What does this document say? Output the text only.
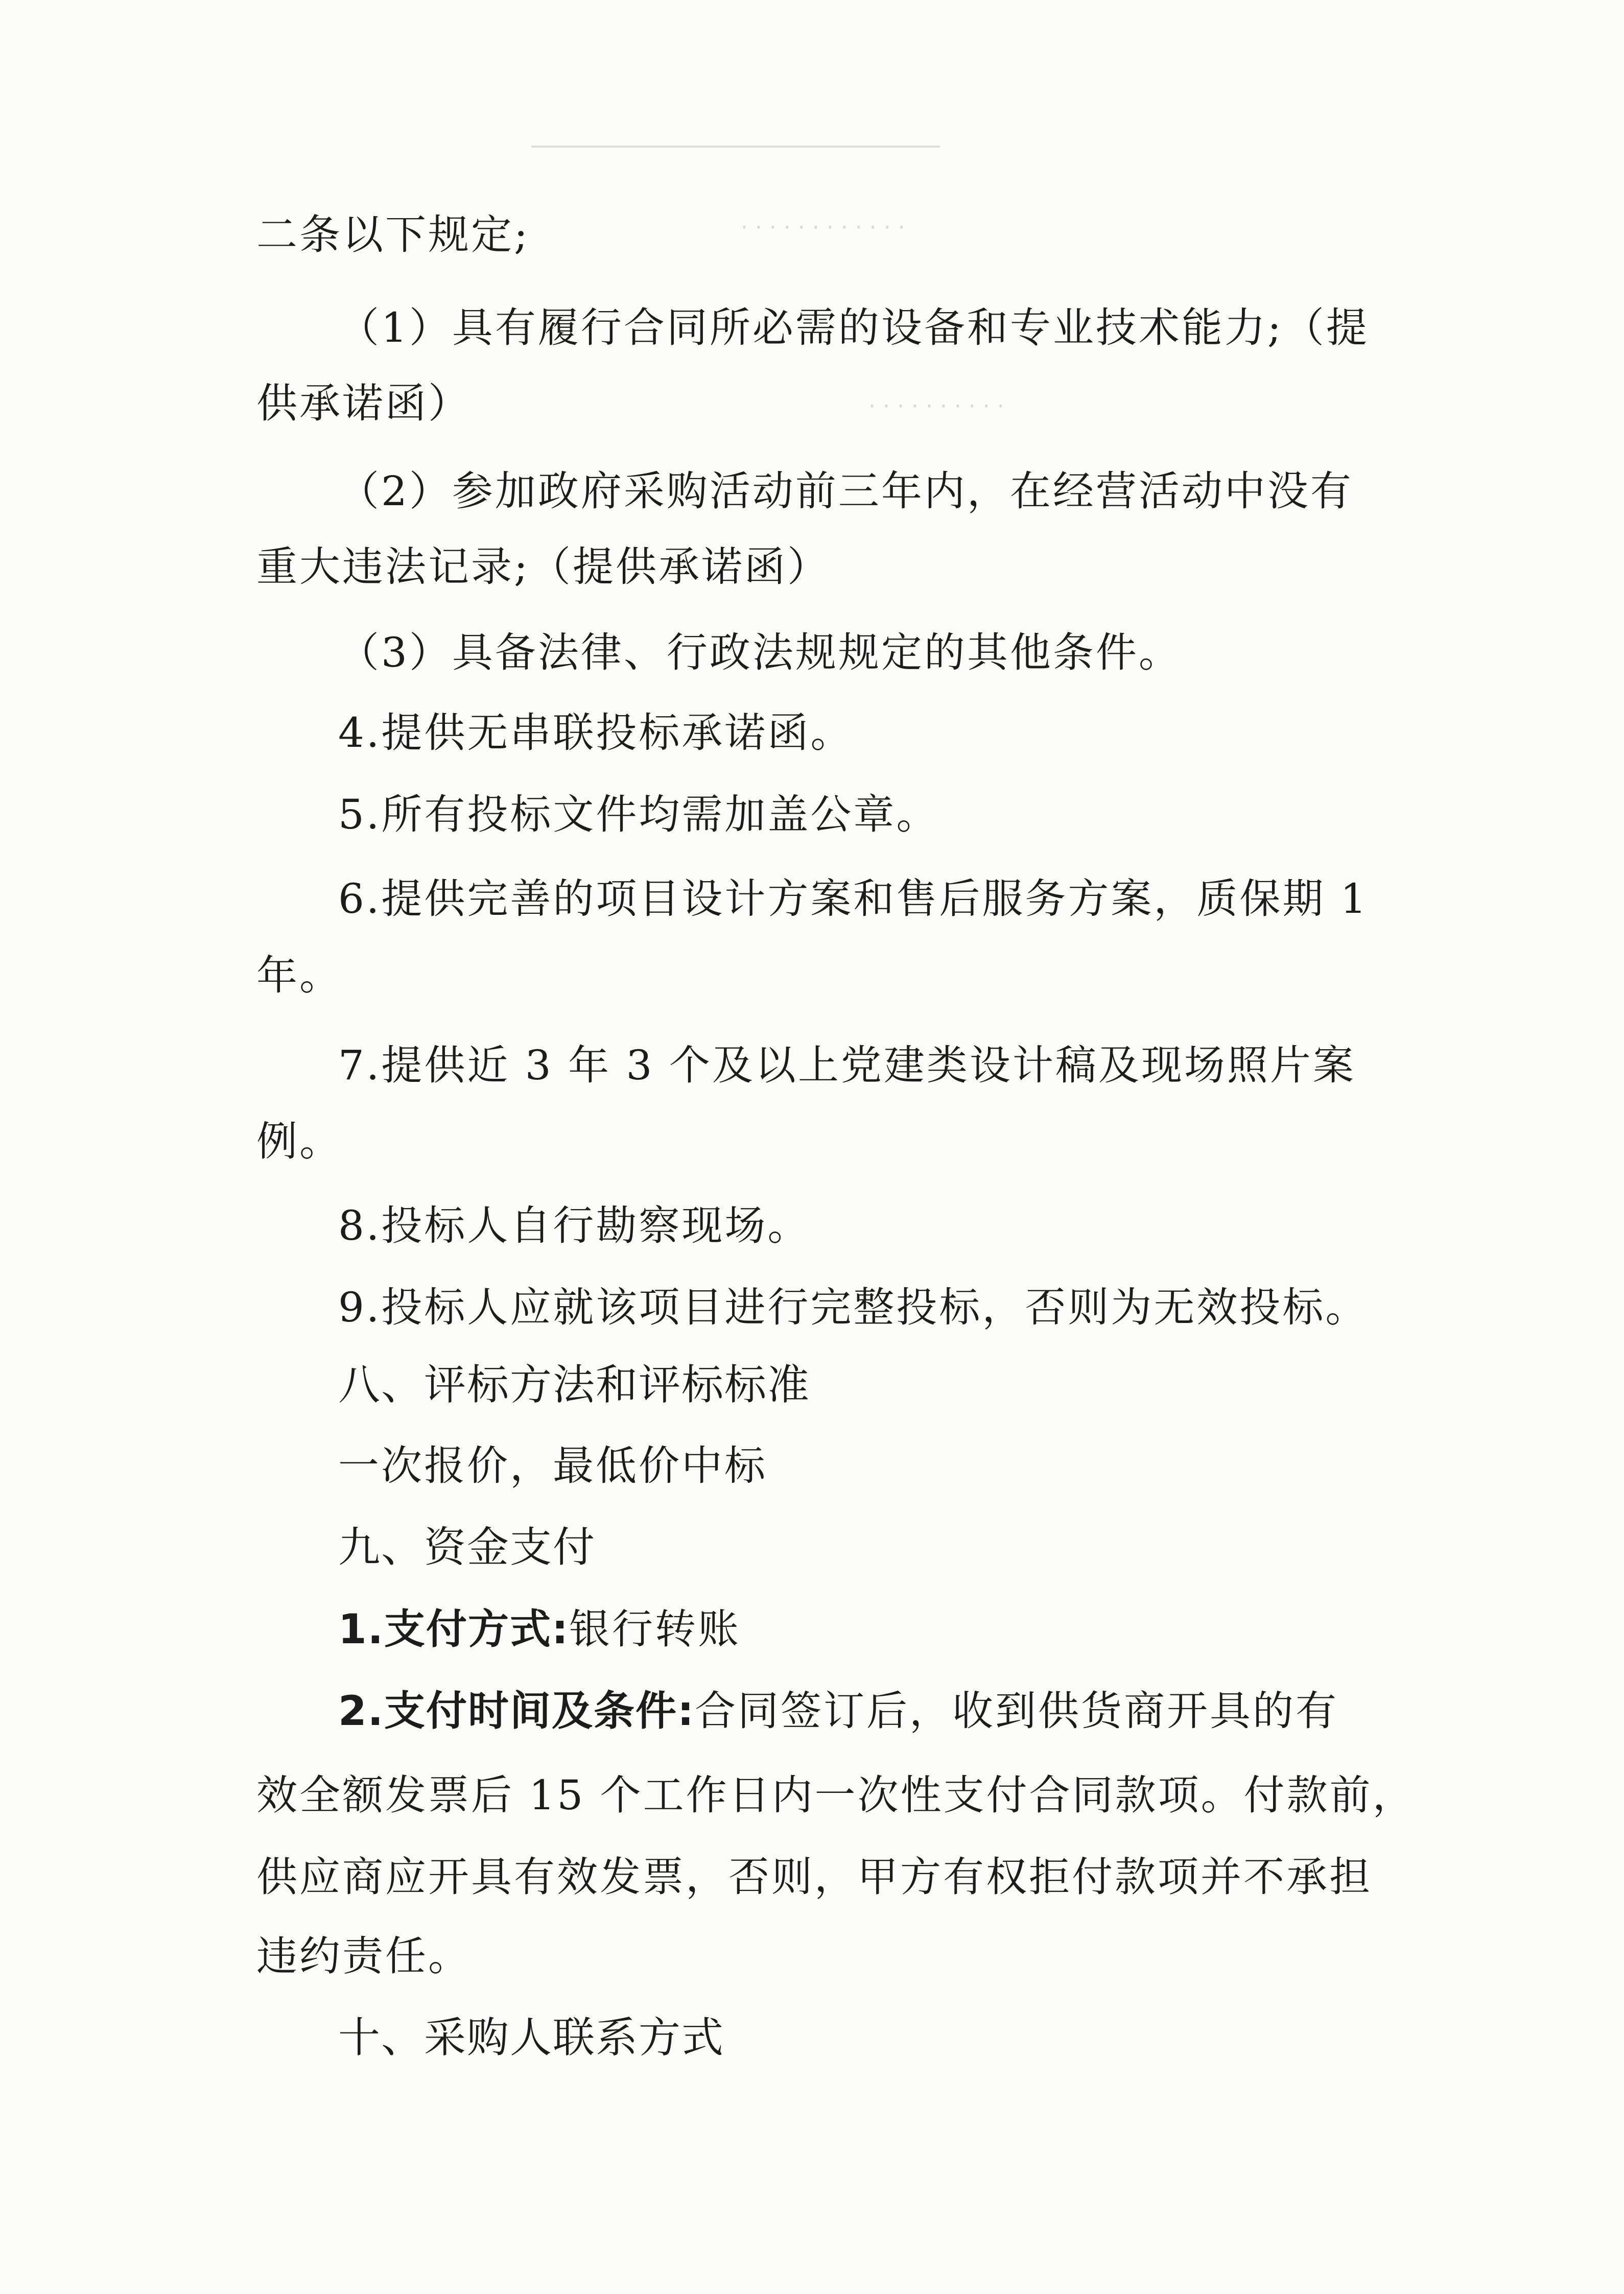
· · · · · · · · · · · ·
· · · · · · · · · ·
二条以下规定;
（1）具有履行合同所必需的设备和专业技术能力;（提
供承诺函）
（2）参加政府采购活动前三年内，在经营活动中没有
重大违法记录;（提供承诺函）
（3）具备法律、行政法规规定的其他条件。
4.提供无串联投标承诺函。
5.所有投标文件均需加盖公章。
6.提供完善的项目设计方案和售后服务方案，质保期 1
年。
7.提供近 3 年 3 个及以上党建类设计稿及现场照片案
例。
8.投标人自行勘察现场。
9.投标人应就该项目进行完整投标，否则为无效投标。
八、评标方法和评标标准
一次报价，最低价中标
九、资金支付
1.支付方式:银行转账
2.支付时间及条件:合同签订后，收到供货商开具的有
效全额发票后 15 个工作日内一次性支付合同款项。付款前，
供应商应开具有效发票，否则，甲方有权拒付款项并不承担
违约责任。
十、采购人联系方式
